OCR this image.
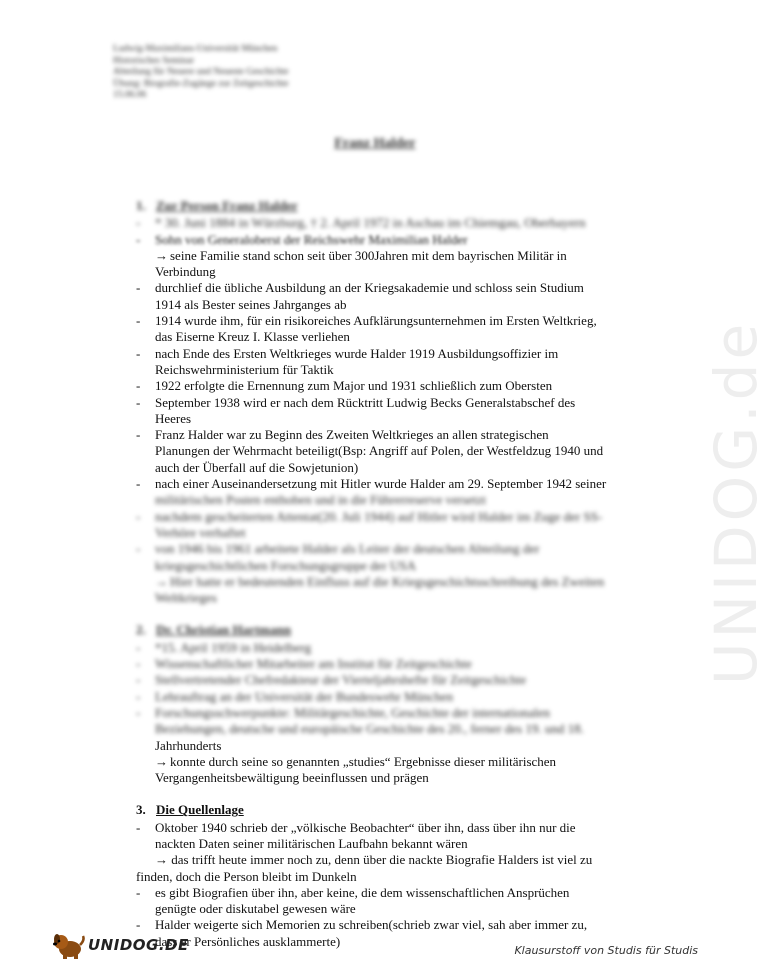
Ludwig-Maximilians-Universität München
Historisches Seminar
Abteilung für Neuere und Neueste Geschichte
Übung: Biografie-Zugänge zur Zeitgeschichte
15.06.06
Franz Halder
UNIDOG.de
1. Zur Person Franz Halder
- * 30. Juni 1884 in Würzburg, † 2. April 1972 in Aschau im Chiemgau, Oberbayern
- Sohn von Generaloberst der Reichswehr Maximilian Halder
→ seine Familie stand schon seit über 300Jahren mit dem bayrischen Militär in
Verbindung
- durchlief die übliche Ausbildung an der Kriegsakademie und schloss sein Studium
1914 als Bester seines Jahrganges ab
- 1914 wurde ihm, für ein risikoreiches Aufklärungsunternehmen im Ersten Weltkrieg,
das Eiserne Kreuz I. Klasse verliehen
- nach Ende des Ersten Weltkrieges wurde Halder 1919 Ausbildungsoffizier im
Reichswehrministerium für Taktik
- 1922 erfolgte die Ernennung zum Major und 1931 schließlich zum Obersten
- September 1938 wird er nach dem Rücktritt Ludwig Becks Generalstabschef des
Heeres
- Franz Halder war zu Beginn des Zweiten Weltkrieges an allen strategischen
Planungen der Wehrmacht beteiligt(Bsp: Angriff auf Polen, der Westfeldzug 1940 und
auch der Überfall auf die Sowjetunion)
- nach einer Auseinandersetzung mit Hitler wurde Halder am 29. September 1942 seiner
militärischen Posten enthoben und in die Führerreserve versetzt
- nachdem gescheiterten Attentat(20. Juli 1944) auf Hitler wird Halder im Zuge der SS-
Verhöre verhaftet
- von 1946 bis 1961 arbeitete Halder als Leiter der deutschen Abteilung der
kriegsgeschichtlichen Forschungsgruppe der USA
→ Hier hatte er bedeutenden Einfluss auf die Kriegsgeschichtsschreibung des Zweiten
Weltkrieges
2. Dr. Christian Hartmann
- *15. April 1959 in Heidelberg
- Wissenschaftlicher Mitarbeiter am Institut für Zeitgeschichte
- Stellvertretender Chefredakteur der Vierteljahrshefte für Zeitgeschichte
- Lehrauftrag an der Universität der Bundeswehr München
- Forschungsschwerpunkte: Militärgeschichte, Geschichte der internationalen
Beziehungen, deutsche und europäische Geschichte des 20., ferner des 19. und 18.
Jahrhunderts
→ konnte durch seine so genannten „studies“ Ergebnisse dieser militärischen
Vergangenheitsbewältigung beeinflussen und prägen
3. Die Quellenlage
- Oktober 1940 schrieb der „völkische Beobachter“ über ihn, dass über ihn nur die
nackten Daten seiner militärischen Laufbahn bekannt wären
→ das trifft heute immer noch zu, denn über die nackte Biografie Halders ist viel zu
finden, doch die Person bleibt im Dunkeln
- es gibt Biografien über ihn, aber keine, die dem wissenschaftlichen Ansprüchen
genügte oder diskutabel gewesen wäre
- Halder weigerte sich Memorien zu schreiben(schrieb zwar viel, sah aber immer zu,
dass er Persönliches ausklammerte)
UNIDOG.DE	Klausurstoff von Studis für Studis
